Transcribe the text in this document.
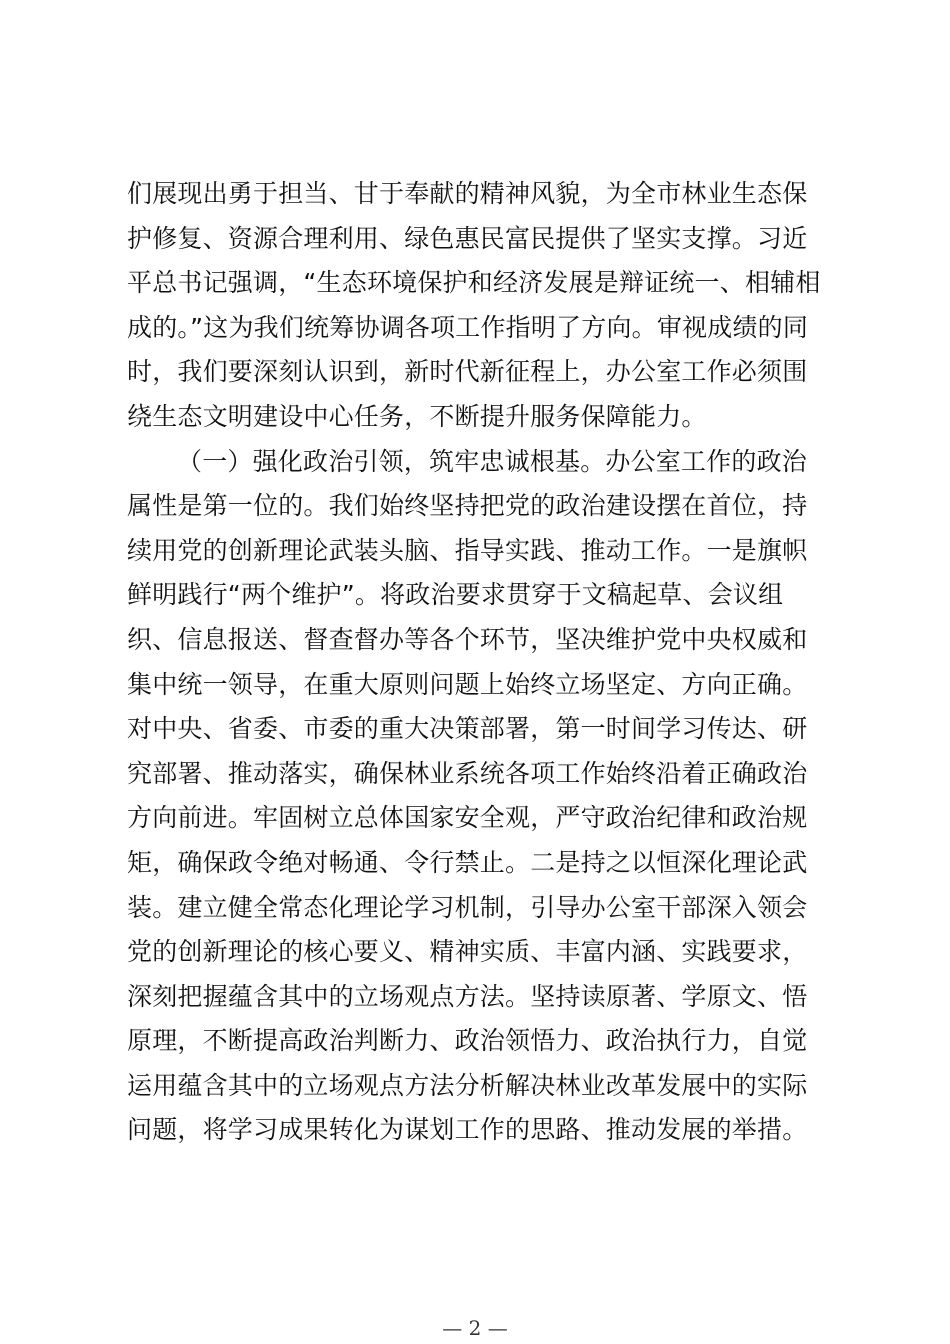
们展现出勇于担当、甘于奉献的精神风貌，为全市林业生态保
护修复、资源合理利用、绿色惠民富民提供了坚实支撑。习近
平总书记强调，“生态环境保护和经济发展是辩证统一、相辅相
成的。”这为我们统筹协调各项工作指明了方向。审视成绩的同
时，我们要深刻认识到，新时代新征程上，办公室工作必须围
绕生态文明建设中心任务，不断提升服务保障能力。
（一）强化政治引领，筑牢忠诚根基。办公室工作的政治
属性是第一位的。我们始终坚持把党的政治建设摆在首位，持
续用党的创新理论武装头脑、指导实践、推动工作。一是旗帜
鲜明践行“两个维护”。将政治要求贯穿于文稿起草、会议组
织、信息报送、督查督办等各个环节，坚决维护党中央权威和
集中统一领导，在重大原则问题上始终立场坚定、方向正确。
对中央、省委、市委的重大决策部署，第一时间学习传达、研
究部署、推动落实，确保林业系统各项工作始终沿着正确政治
方向前进。牢固树立总体国家安全观，严守政治纪律和政治规
矩，确保政令绝对畅通、令行禁止。二是持之以恒深化理论武
装。建立健全常态化理论学习机制，引导办公室干部深入领会
党的创新理论的核心要义、精神实质、丰富内涵、实践要求，
深刻把握蕴含其中的立场观点方法。坚持读原著、学原文、悟
原理，不断提高政治判断力、政治领悟力、政治执行力，自觉
运用蕴含其中的立场观点方法分析解决林业改革发展中的实际
问题，将学习成果转化为谋划工作的思路、推动发展的举措。
— 2 —
